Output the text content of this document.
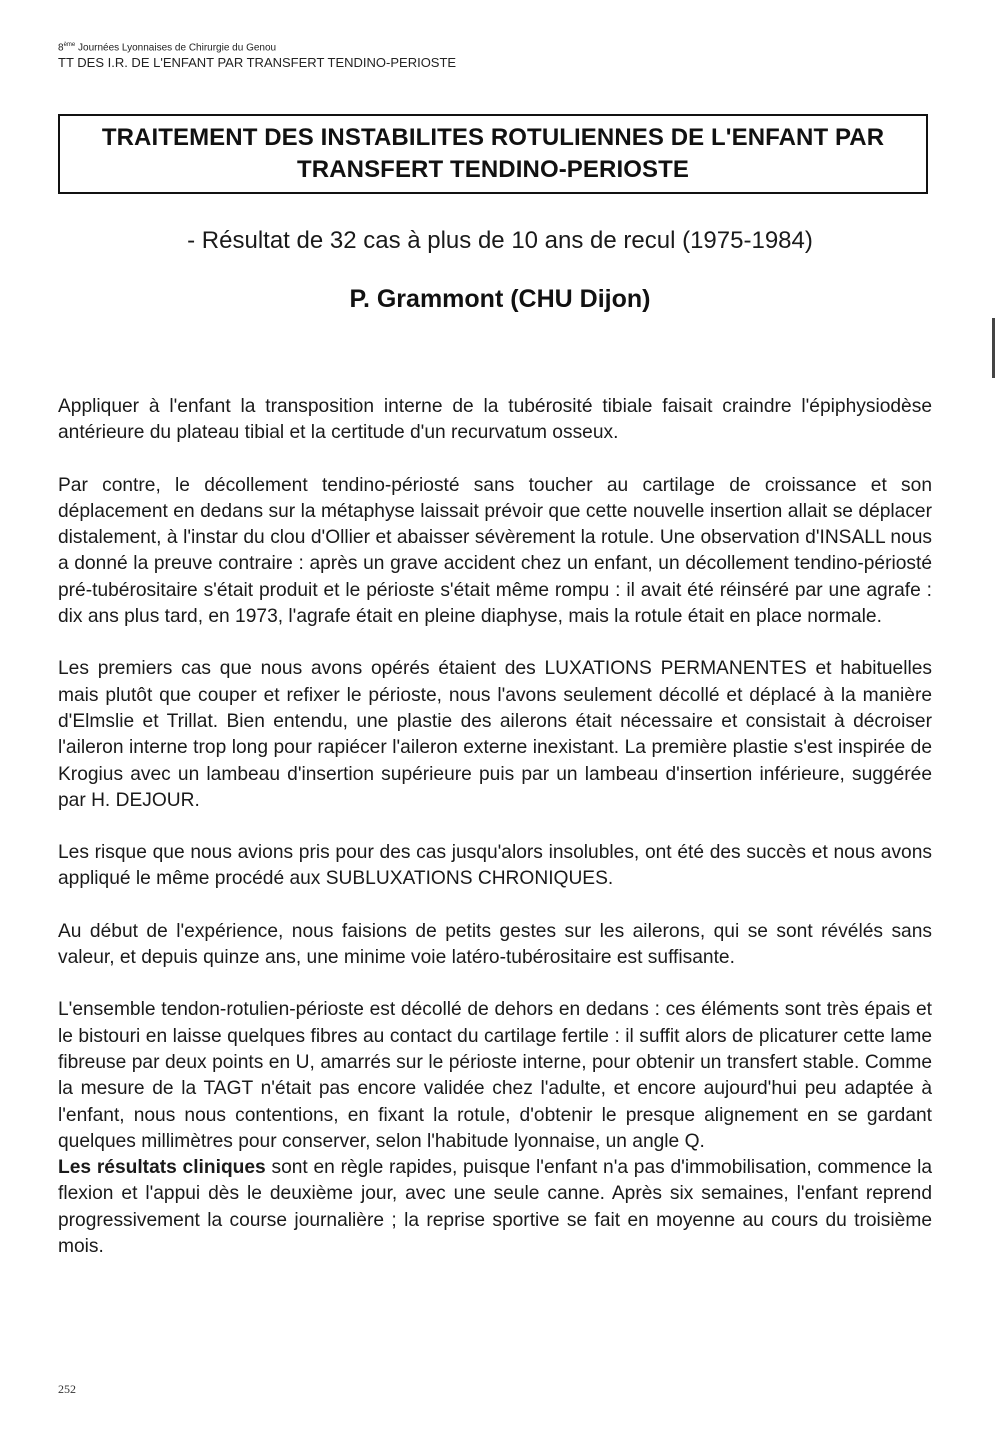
8ème Journées Lyonnaises de Chirurgie du Genou
TT DES I.R. DE L'ENFANT PAR TRANSFERT TENDINO-PERIOSTE
TRAITEMENT DES INSTABILITES ROTULIENNES DE L'ENFANT PAR
TRANSFERT TENDINO-PERIOSTE
- Résultat de 32 cas à plus de 10 ans de recul (1975-1984)
P. Grammont (CHU Dijon)

Appliquer à l'enfant la transposition interne de la tubérosité tibiale faisait craindre l'épiphysiodèse antérieure du plateau tibial et la certitude d'un recurvatum osseux.

Par contre, le décollement tendino-périosté sans toucher au cartilage de croissance et son déplacement en dedans sur la métaphyse laissait prévoir que cette nouvelle insertion allait se déplacer distalement, à l'instar du clou d'Ollier et abaisser sévèrement la rotule. Une observation d'INSALL nous a donné la preuve contraire : après un grave accident chez un enfant, un décollement tendino-périosté pré-tubérositaire s'était produit et le périoste s'était même rompu : il avait été réinséré par une agrafe : dix ans plus tard, en 1973, l'agrafe était en pleine diaphyse, mais la rotule était en place normale.

Les premiers cas que nous avons opérés étaient des LUXATIONS PERMANENTES et habituelles mais plutôt que couper et refixer le périoste, nous l'avons seulement décollé et déplacé à la manière d'Elmslie et Trillat. Bien entendu, une plastie des ailerons était nécessaire et consistait à décroiser l'aileron interne trop long pour rapiécer l'aileron externe inexistant. La première plastie s'est inspirée de Krogius avec un lambeau d'insertion supérieure puis par un lambeau d'insertion inférieure, suggérée par H. DEJOUR.

Les risque que nous avions pris pour des cas jusqu'alors insolubles, ont été des succès et nous avons appliqué le même procédé aux SUBLUXATIONS CHRONIQUES.

Au début de l'expérience, nous faisions de petits gestes sur les ailerons, qui se sont révélés sans valeur, et depuis quinze ans, une minime voie latéro-tubérositaire est suffisante.

L'ensemble tendon-rotulien-périoste est décollé de dehors en dedans : ces éléments sont très épais et le bistouri en laisse quelques fibres au contact du cartilage fertile : il suffit alors de plicaturer cette lame fibreuse par deux points en U, amarrés sur le périoste interne, pour obtenir un transfert stable. Comme la mesure de la TAGT n'était pas encore validée chez l'adulte, et encore aujourd'hui peu adaptée à l'enfant, nous nous contentions, en fixant la rotule, d'obtenir le presque alignement en se gardant quelques millimètres pour conserver, selon l'habitude lyonnaise, un angle Q.

Les résultats cliniques sont en règle rapides, puisque l'enfant n'a pas d'immobilisation, commence la flexion et l'appui dès le deuxième jour, avec une seule canne. Après six semaines, l'enfant reprend progressivement la course journalière ; la reprise sportive se fait en moyenne au cours du troisième mois.

252
